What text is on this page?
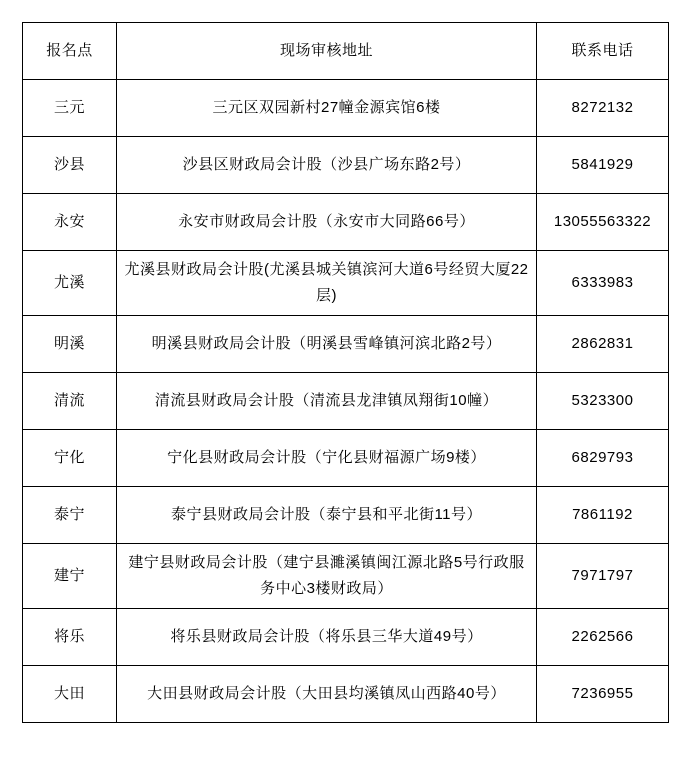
报名点	现场审核地址	联系电话
三元	三元区双园新村27幢金源宾馆6楼	8272132
沙县	沙县区财政局会计股（沙县广场东路2号）	5841929
永安	永安市财政局会计股（永安市大同路66号）	13055563322
尤溪	尤溪县财政局会计股(尤溪县城关镇滨河大道6号经贸大厦22层)	6333983
明溪	明溪县财政局会计股（明溪县雪峰镇河滨北路2号）	2862831
清流	清流县财政局会计股（清流县龙津镇凤翔街10幢）	5323300
宁化	宁化县财政局会计股（宁化县财福源广场9楼）	6829793
泰宁	泰宁县财政局会计股（泰宁县和平北街11号）	7861192
建宁	建宁县财政局会计股（建宁县濉溪镇闽江源北路5号行政服务中心3楼财政局）	7971797
将乐	将乐县财政局会计股（将乐县三华大道49号）	2262566
大田	大田县财政局会计股（大田县均溪镇凤山西路40号）	7236955
